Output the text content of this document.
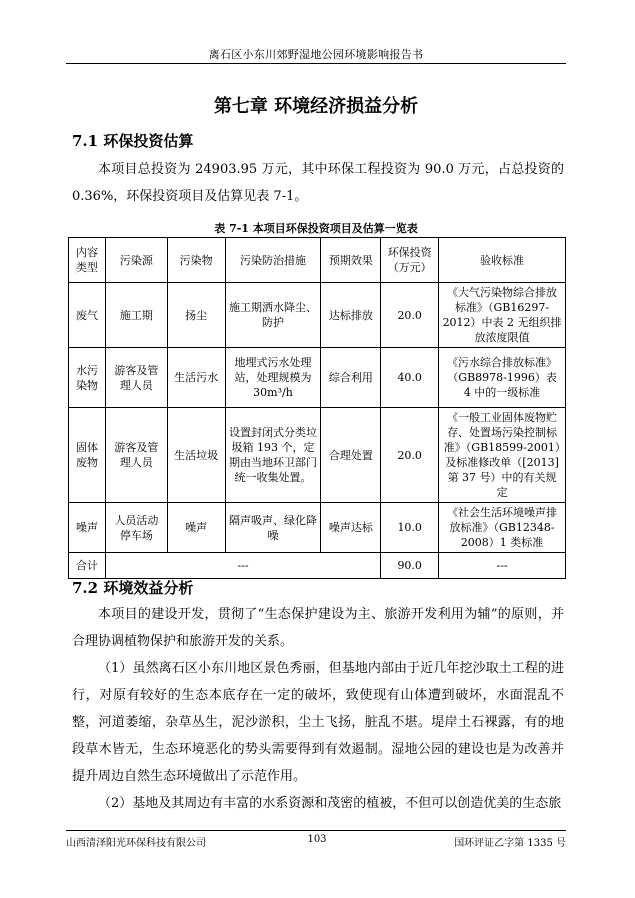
离石区小东川郊野湿地公园环境影响报告书
第七章 环境经济损益分析
7.1 环保投资估算
本项目总投资为 24903.95 万元，其中环保工程投资为 90.0 万元，占总投资的 0.36%，环保投资项目及估算见表 7-1。
表 7-1 本项目环保投资项目及估算一览表
内容类型	污染源	污染物	污染防治措施	预期效果	环保投资（万元）	验收标准
废气	施工期	扬尘	施工期洒水降尘、防护	达标排放	20.0	《大气污染物综合排放标准》（GB16297-2012）中表 2 无组织排放浓度限值
水污染物	游客及管理人员	生活污水	地埋式污水处理站，处理规模为 30m³/h	综合利用	40.0	《污水综合排放标准》（GB8978-1996）表 4 中的一级标准
固体废物	游客及管理人员	生活垃圾	设置封闭式分类垃圾箱 193 个，定期由当地环卫部门统一收集处置。	合理处置	20.0	《一般工业固体废物贮存、处置场污染控制标准》（GB18599-2001）及标准修改单（[2013]第 37 号）中的有关规定
噪声	人员活动停车场	噪声	隔声吸声、绿化降噪	噪声达标	10.0	《社会生活环境噪声排放标准》（GB12348-2008）1 类标准
合计	---				90.0	---
7.2 环境效益分析
本项目的建设开发，贯彻了“生态保护建设为主、旅游开发利用为辅”的原则，并合理协调植物保护和旅游开发的关系。
（1）虽然离石区小东川地区景色秀丽，但基地内部由于近几年挖沙取土工程的进行，对原有较好的生态本底存在一定的破坏，致使现有山体遭到破坏，水面混乱不整，河道萎缩，杂草丛生，泥沙淤积，尘土飞扬，脏乱不堪。堤岸土石裸露，有的地段草木皆无，生态环境恶化的势头需要得到有效遏制。湿地公园的建设也是为改善并提升周边自然生态环境做出了示范作用。
（2）基地及其周边有丰富的水系资源和茂密的植被，不但可以创造优美的生态旅
山西清泽阳光环保科技有限公司	103	国环评证乙字第 1335 号
